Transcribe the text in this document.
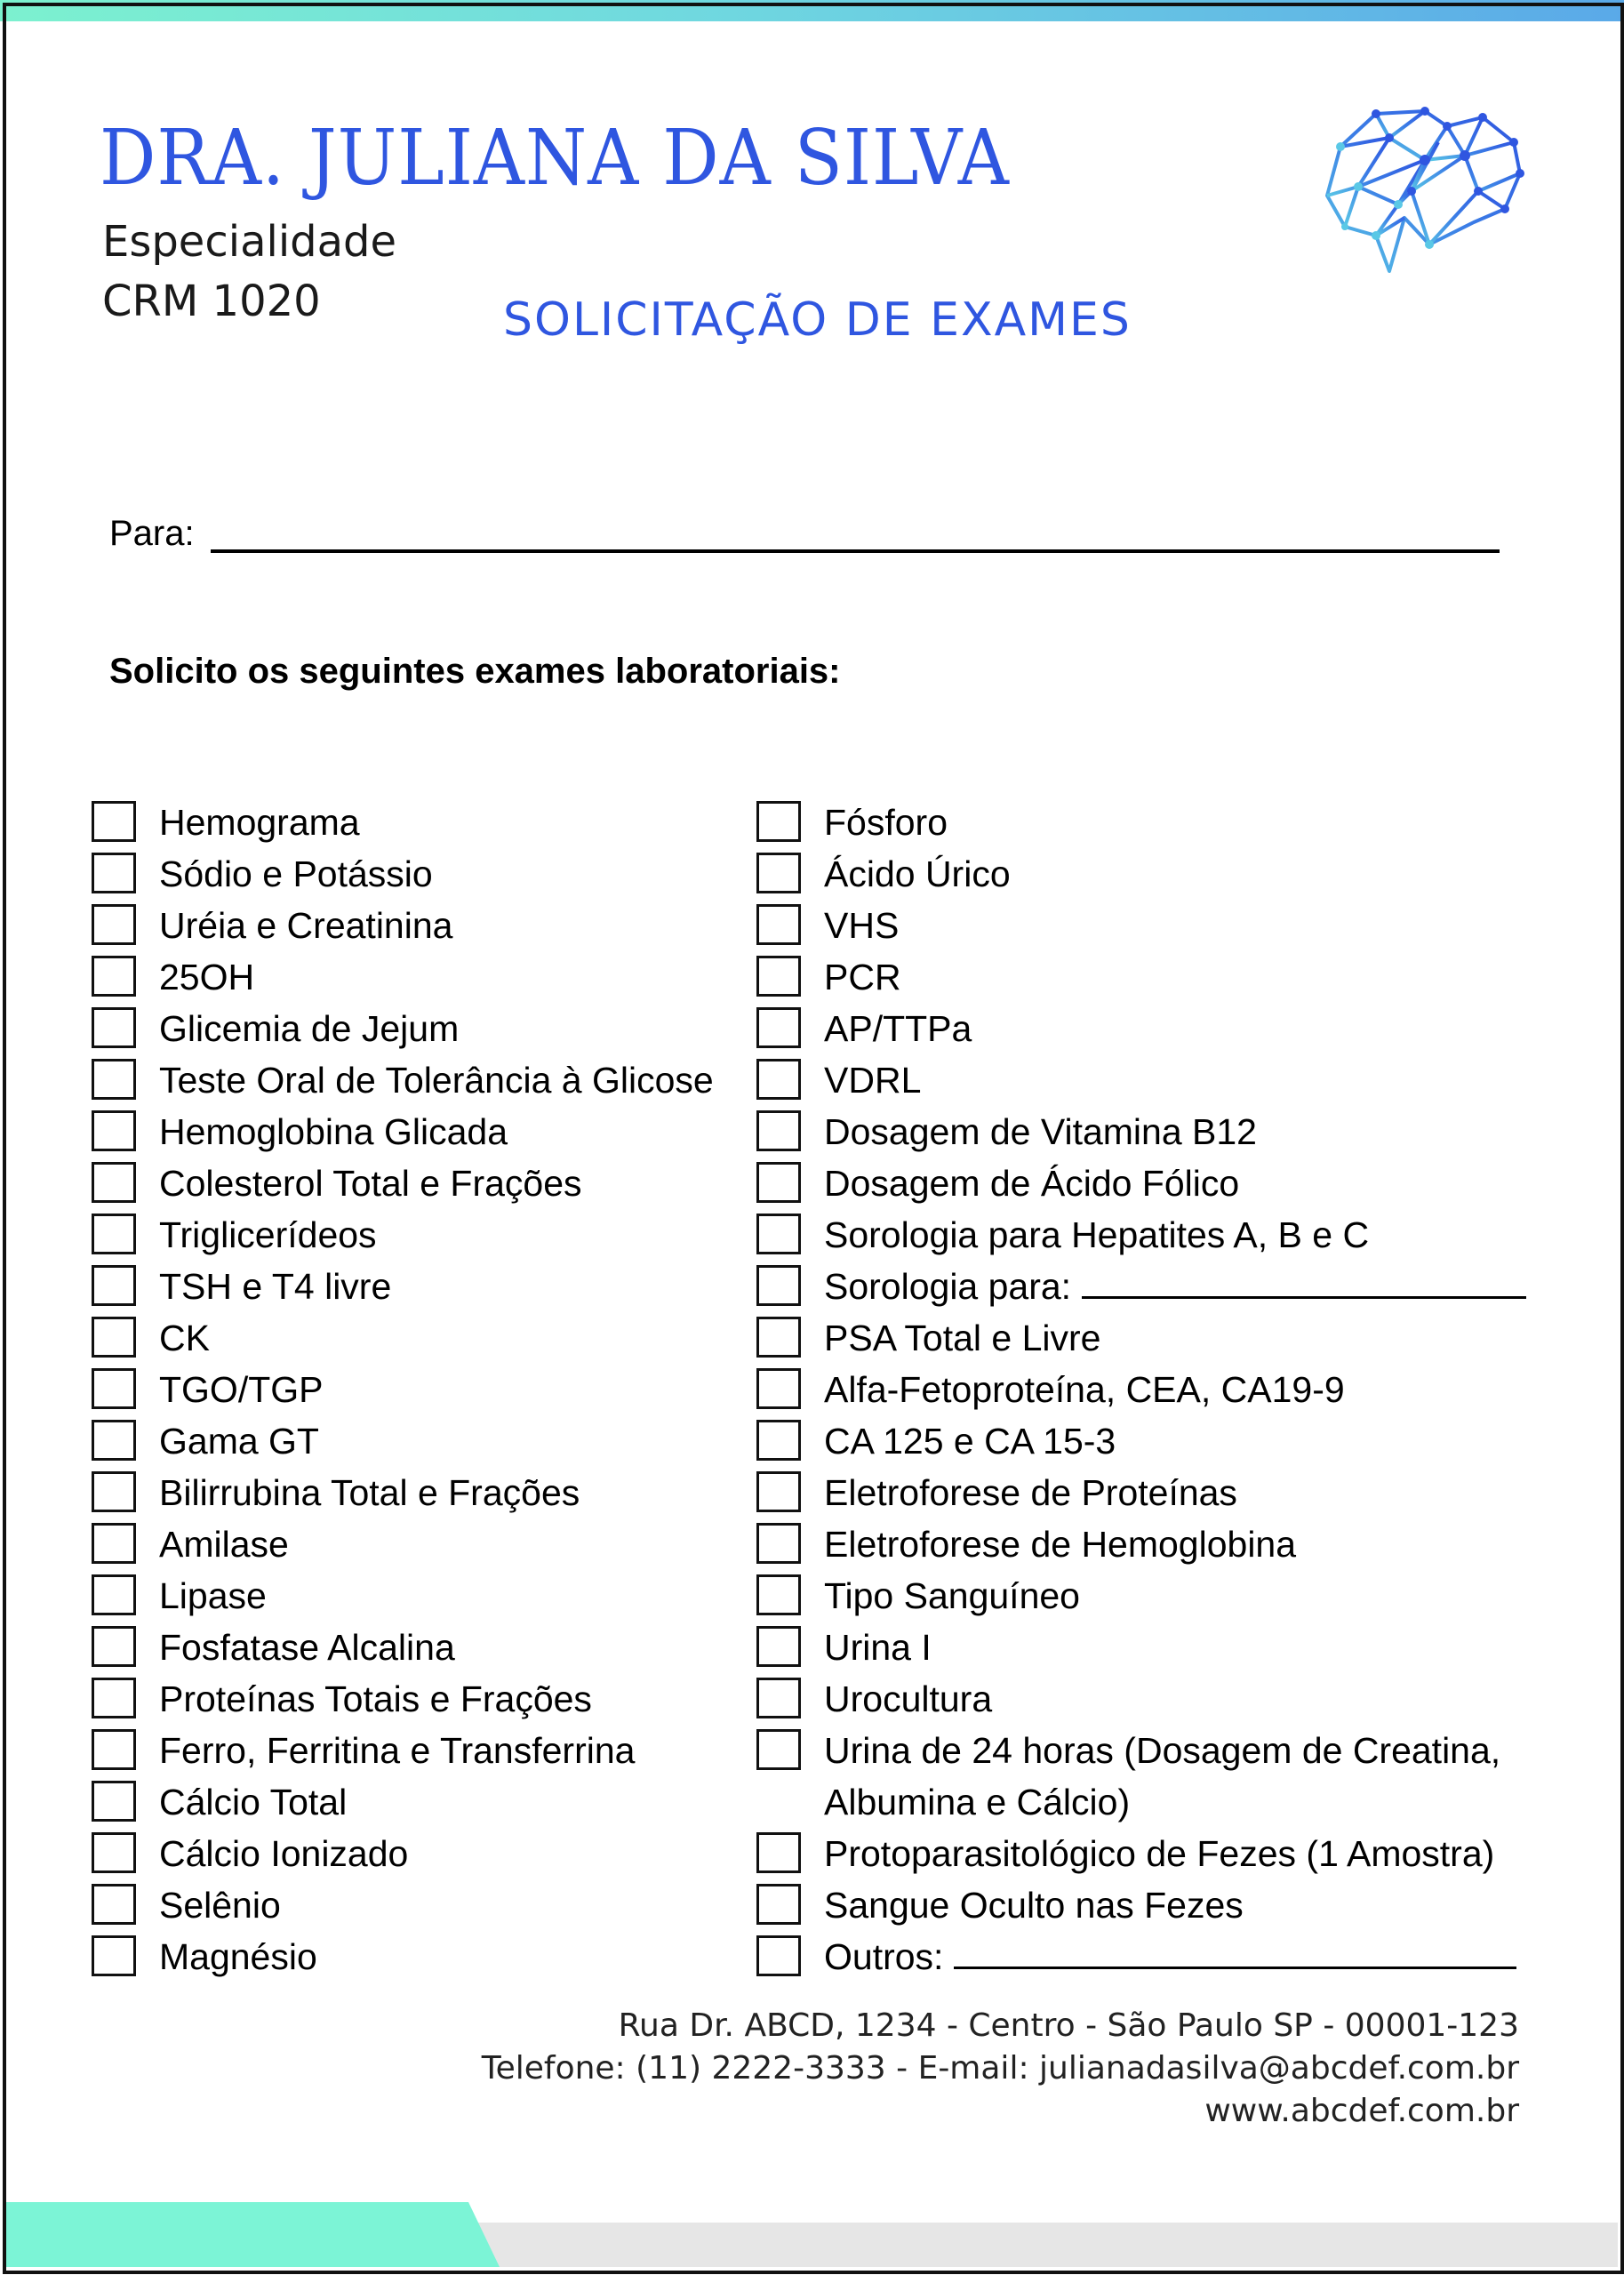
DRA. JULIANA DA SILVA
Especialidade
CRM 1020	SOLICITAÇÃO DE EXAMES
Para:
Solicito os seguintes exames laboratoriais:
Hemograma
Sódio e Potássio
Uréia e Creatinina
25OH
Glicemia de Jejum
Teste Oral de Tolerância à Glicose
Hemoglobina Glicada
Colesterol Total e Frações
Triglicerídeos
TSH e T4 livre
CK
TGO/TGP
Gama GT
Bilirrubina Total e Frações
Amilase
Lipase
Fosfatase Alcalina
Proteínas Totais e Frações
Ferro, Ferritina e Transferrina
Cálcio Total
Cálcio Ionizado
Selênio
Magnésio
Fósforo
Ácido Úrico
VHS
PCR
AP/TTPa
VDRL
Dosagem de Vitamina B12
Dosagem de Ácido Fólico
Sorologia para Hepatites A, B e C
Sorologia para:
PSA Total e Livre
Alfa-Fetoproteína, CEA, CA19-9
CA 125 e CA 15-3
Eletroforese de Proteínas
Eletroforese de Hemoglobina
Tipo Sanguíneo
Urina I
Urocultura
Urina de 24 horas (Dosagem de Creatina,
Albumina e Cálcio)
Protoparasitológico de Fezes (1 Amostra)
Sangue Oculto nas Fezes
Outros:
Rua Dr. ABCD, 1234 - Centro - São Paulo SP - 00001-123
Telefone: (11) 2222-3333 - E-mail: julianadasilva@abcdef.com.br
www.abcdef.com.br
